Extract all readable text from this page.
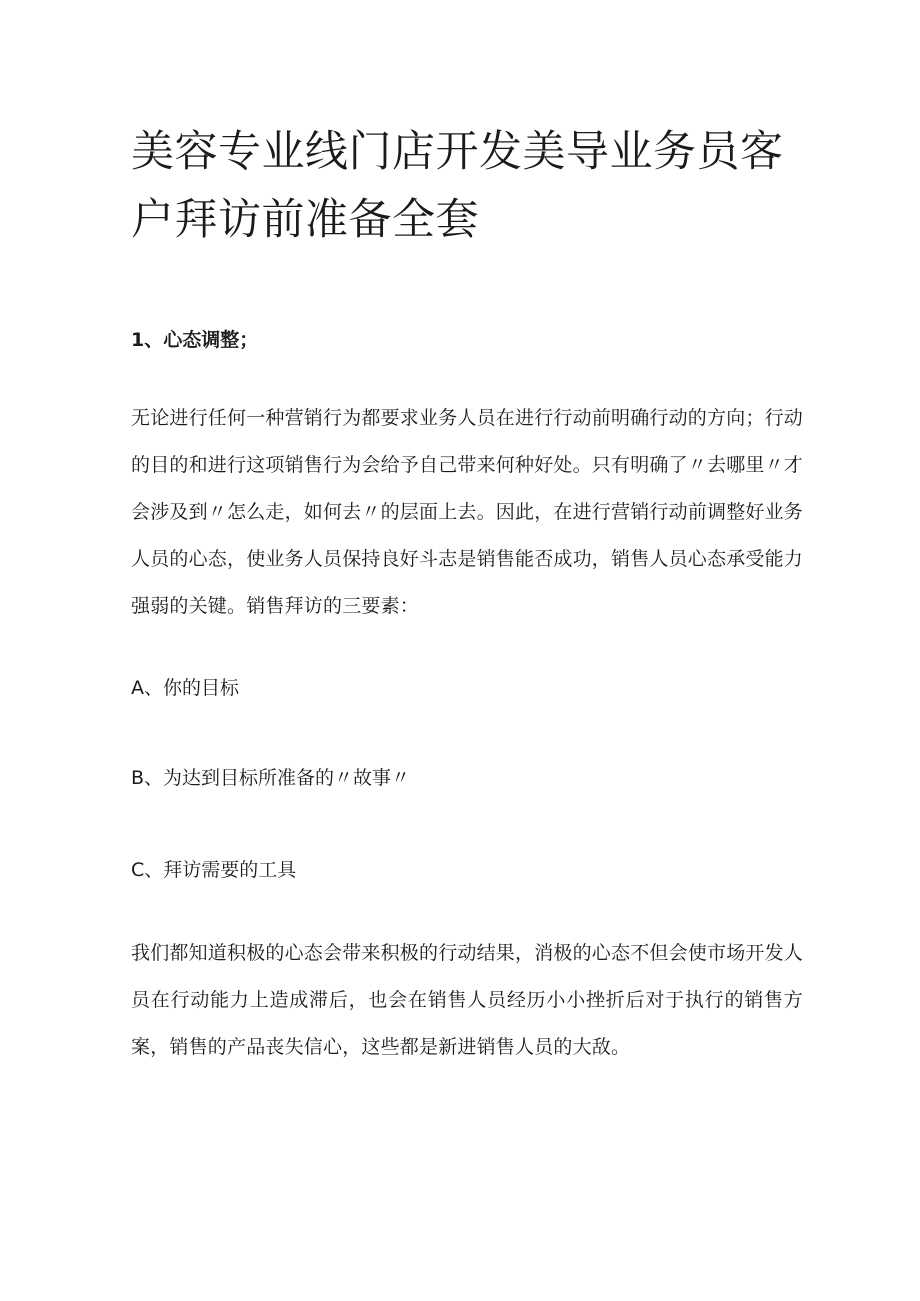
美容专业线门店开发美导业务员客户拜访前准备全套
1、心态调整；

无论进行任何一种营销行为都要求业务人员在进行行动前明确行动的方向；行动的目的和进行这项销售行为会给予自己带来何种好处。只有明确了〃去哪里〃才会涉及到〃怎么走，如何去〃的层面上去。因此，在进行营销行动前调整好业务人员的心态，使业务人员保持良好斗志是销售能否成功，销售人员心态承受能力强弱的关键。销售拜访的三要素：

A、你的目标

B、为达到目标所准备的〃故事〃

C、拜访需要的工具

我们都知道积极的心态会带来积极的行动结果，消极的心态不但会使市场开发人员在行动能力上造成滞后，也会在销售人员经历小小挫折后对于执行的销售方案，销售的产品丧失信心，这些都是新进销售人员的大敌。
